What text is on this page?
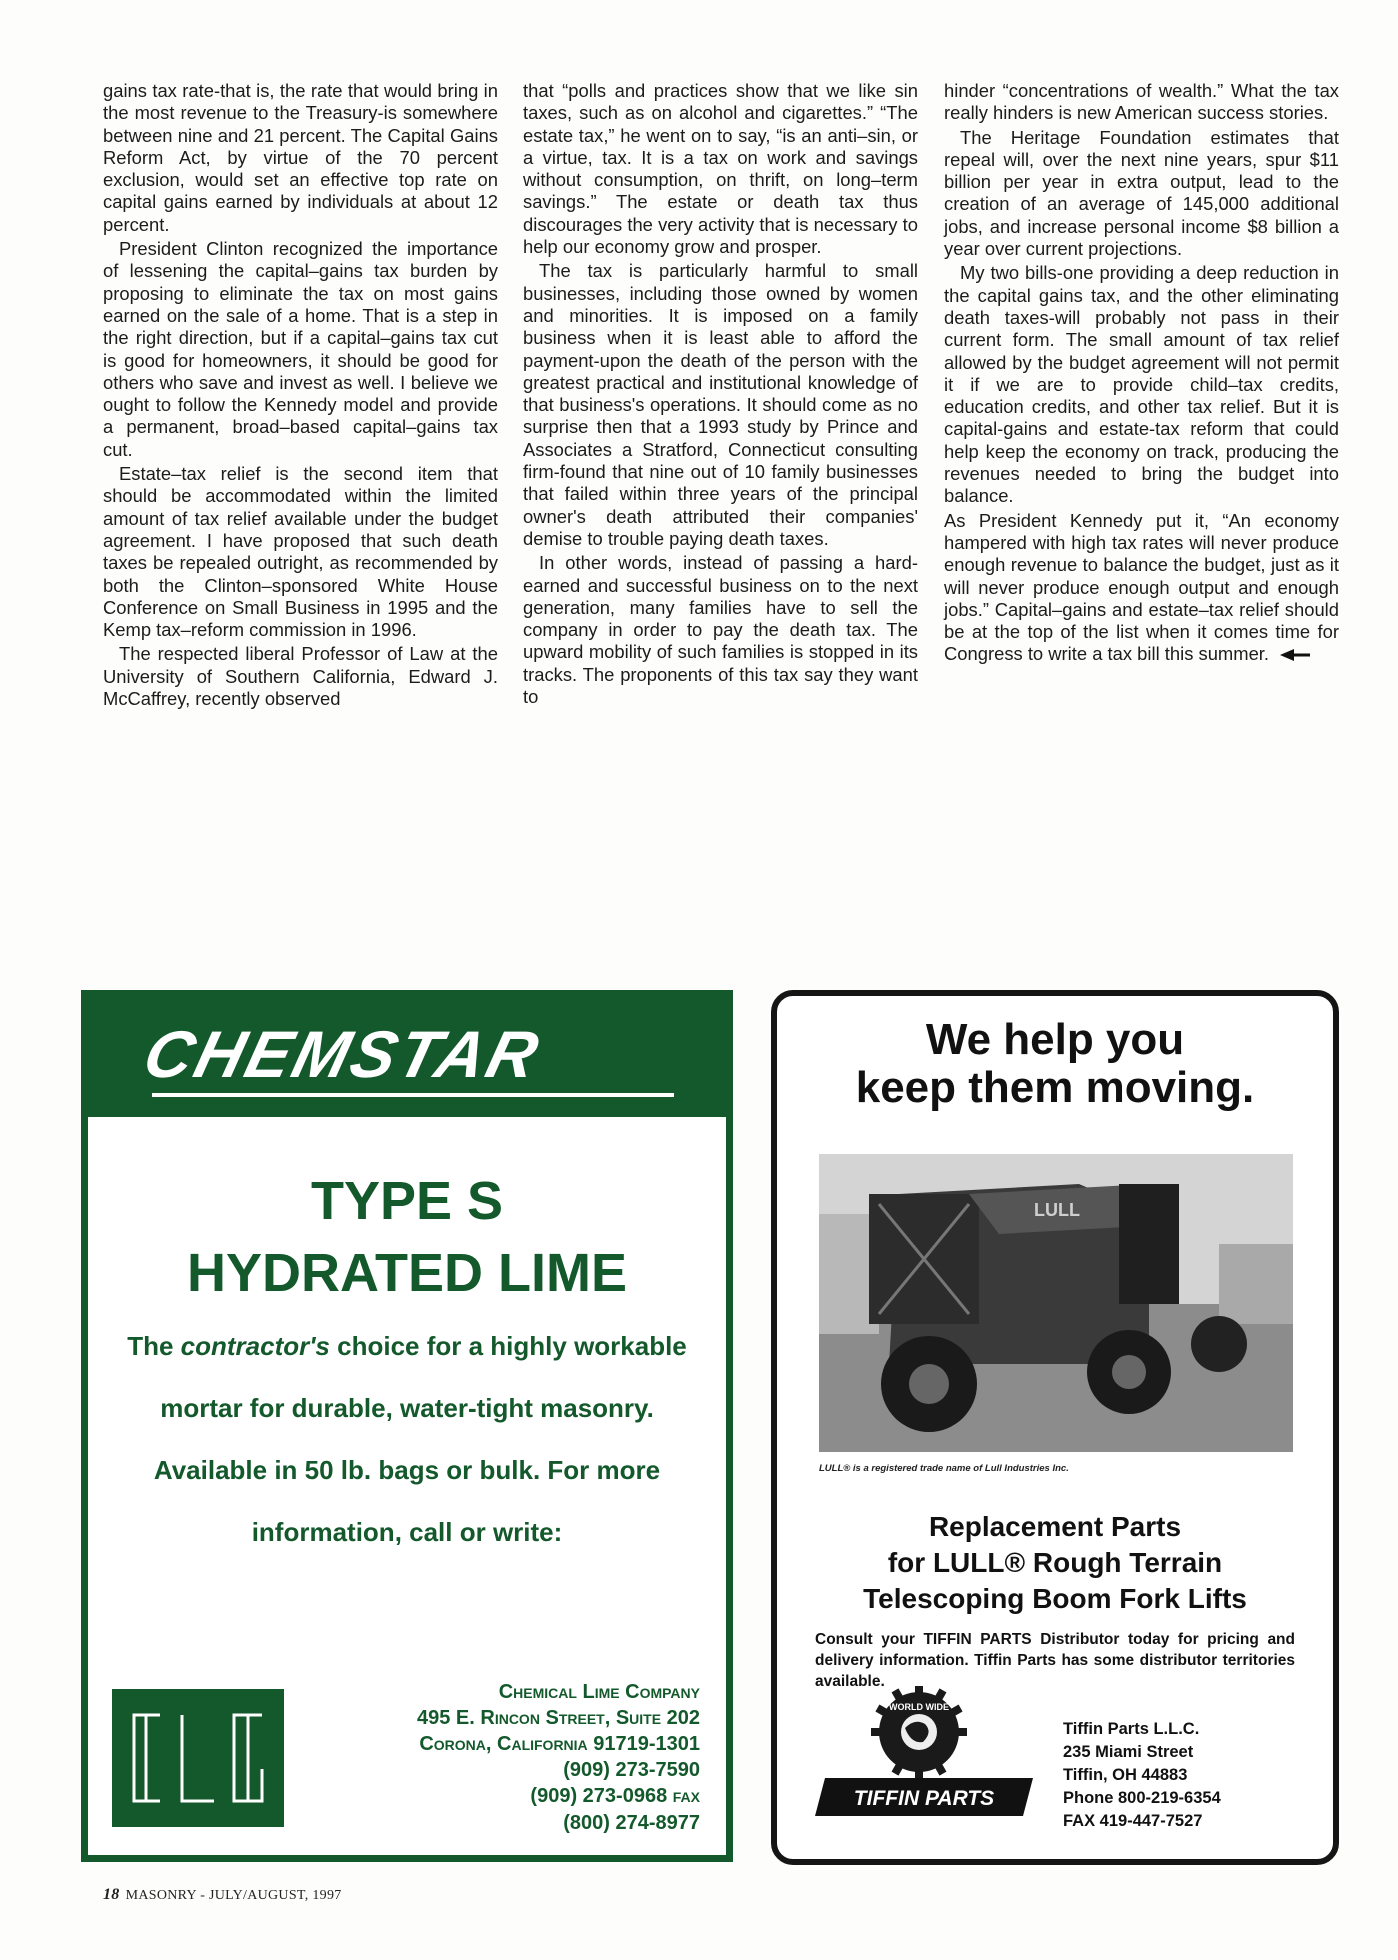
gains tax rate-that is, the rate that would bring in the most revenue to the Treasury-is somewhere between nine and 21 percent. The Capital Gains Reform Act, by virtue of the 70 percent exclusion, would set an effective top rate on capital gains earned by individuals at about 12 percent.

President Clinton recognized the importance of lessening the capital–gains tax burden by proposing to eliminate the tax on most gains earned on the sale of a home. That is a step in the right direction, but if a capital–gains tax cut is good for homeowners, it should be good for others who save and invest as well. I believe we ought to follow the Kennedy model and provide a permanent, broad–based capital–gains tax cut.

Estate–tax relief is the second item that should be accommodated within the limited amount of tax relief available under the budget agreement. I have proposed that such death taxes be repealed outright, as recommended by both the Clinton–sponsored White House Conference on Small Business in 1995 and the Kemp tax–reform commission in 1996.

The respected liberal Professor of Law at the University of Southern California, Edward J. McCaffrey, recently observed

that “polls and practices show that we like sin taxes, such as on alcohol and cigarettes.” “The estate tax,” he went on to say, “is an anti–sin, or a virtue, tax. It is a tax on work and savings without consumption, on thrift, on long–term savings.” The estate or death tax thus discourages the very activity that is necessary to help our economy grow and prosper.

The tax is particularly harmful to small businesses, including those owned by women and minorities. It is imposed on a family business when it is least able to afford the payment-upon the death of the person with the greatest practical and institutional knowledge of that business's operations. It should come as no surprise then that a 1993 study by Prince and Associates a Stratford, Connecticut consulting firm-found that nine out of 10 family businesses that failed within three years of the principal owner's death attributed their companies' demise to trouble paying death taxes.

In other words, instead of passing a hard-earned and successful business on to the next generation, many families have to sell the company in order to pay the death tax. The upward mobility of such families is stopped in its tracks. The proponents of this tax say they want to

hinder “concentrations of wealth.” What the tax really hinders is new American success stories.

The Heritage Foundation estimates that repeal will, over the next nine years, spur $11 billion per year in extra output, lead to the creation of an average of 145,000 additional jobs, and increase personal income $8 billion a year over current projections.

My two bills-one providing a deep reduction in the capital gains tax, and the other eliminating death taxes-will probably not pass in their current form. The small amount of tax relief allowed by the budget agreement will not permit it if we are to provide child–tax credits, education credits, and other tax relief. But it is capital-gains and estate-tax reform that could help keep the economy on track, producing the revenues needed to bring the budget into balance.

As President Kennedy put it, “An economy hampered with high tax rates will never produce enough revenue to balance the budget, just as it will never produce enough output and enough jobs.” Capital–gains and estate–tax relief should be at the top of the list when it comes time for Congress to write a tax bill this summer.

CHEMSTAR
TYPE S
HYDRATED LIME
The contractor's choice for a highly workable mortar for durable, water-tight masonry. Available in 50 lb. bags or bulk. For more information, call or write:
Chemical Lime Company
495 E. Rincon Street, Suite 202
Corona, California 91719-1301
(909) 273-7590
(909) 273-0968 FAX
(800) 274-8977
We help you
keep them moving.
LULL
LULL® is a registered trade name of Lull Industries Inc.
Replacement Parts
for LULL® Rough Terrain
Telescoping Boom Fork Lifts
Consult your TIFFIN PARTS Distributor today for pricing and delivery information. Tiffin Parts has some distributor territories available.
WORLD WIDE
TIFFIN PARTS
Tiffin Parts L.L.C.
235 Miami Street
Tiffin, OH 44883
Phone 800-219-6354
FAX 419-447-7527
18 MASONRY - JULY/AUGUST, 1997
